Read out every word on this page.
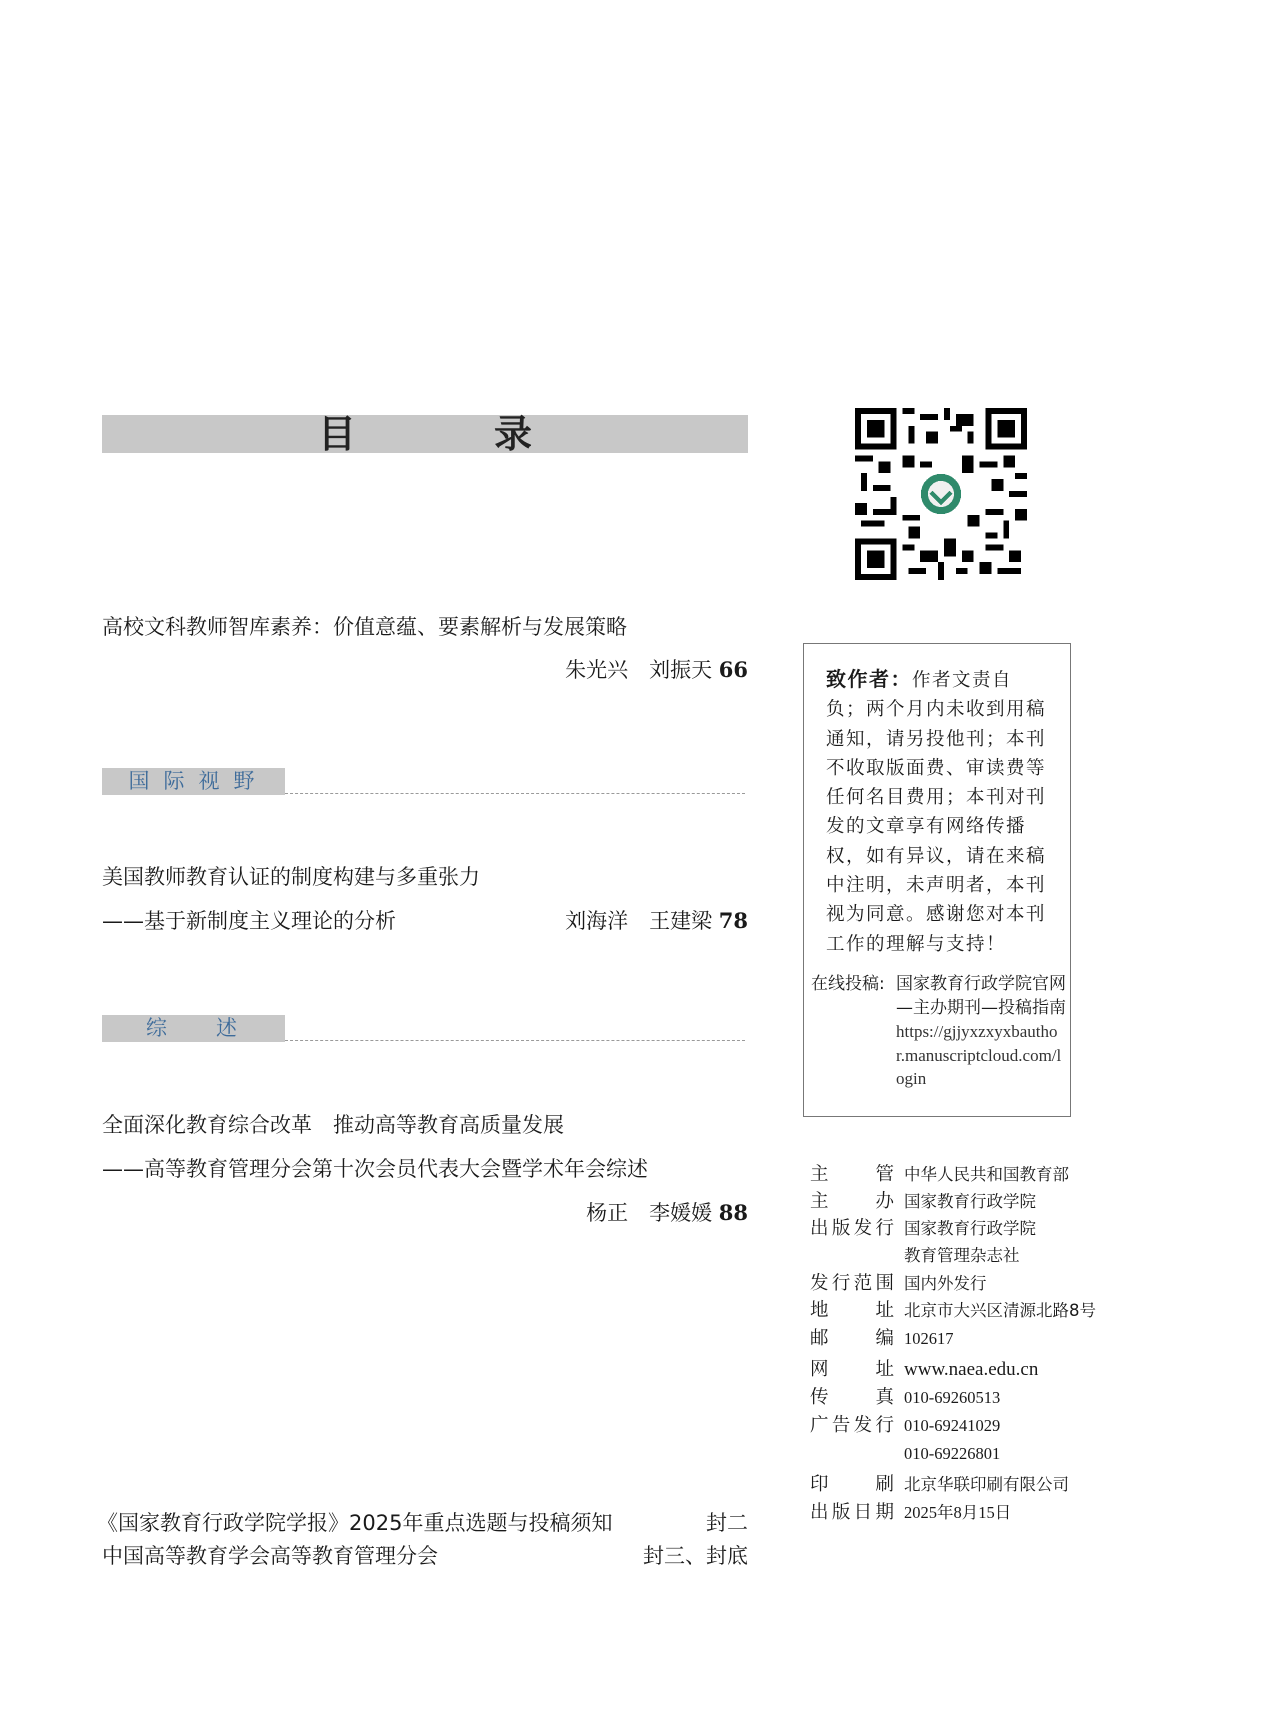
目　录
高校文科教师智库素养：价值意蕴、要素解析与发展策略
朱光兴　刘振天 66
国际视野
美国教师教育认证的制度构建与多重张力
——基于新制度主义理论的分析	刘海洋　王建梁 78
综　述
全面深化教育综合改革　推动高等教育高质量发展
——高等教育管理分会第十次会员代表大会暨学术年会综述
杨正　李媛媛 88
《国家教育行政学院学报》2025年重点选题与投稿须知	封二
中国高等教育学会高等教育管理分会	封三、封底
致作者：作者文责自负；两个月内未收到用稿通知，请另投他刊；本刊不收取版面费、审读费等任何名目费用；本刊对刊发的文章享有网络传播权，如有异议，请在来稿中注明，未声明者，本刊视为同意。感谢您对本刊工作的理解与支持！
在线投稿: 国家教育行政学院官网—主办期刊—投稿指南
https://gjjyxzxyxbauthor.manuscriptcloud.com/login
主管 中华人民共和国教育部
主办 国家教育行政学院
出版发行 国家教育行政学院
教育管理杂志社
发行范围 国内外发行
地址 北京市大兴区清源北路8号
邮编 102617
网址 www.naea.edu.cn
传真 010-69260513
广告发行 010-69241029
010-69226801
印刷 北京华联印刷有限公司
出版日期 2025年8月15日
